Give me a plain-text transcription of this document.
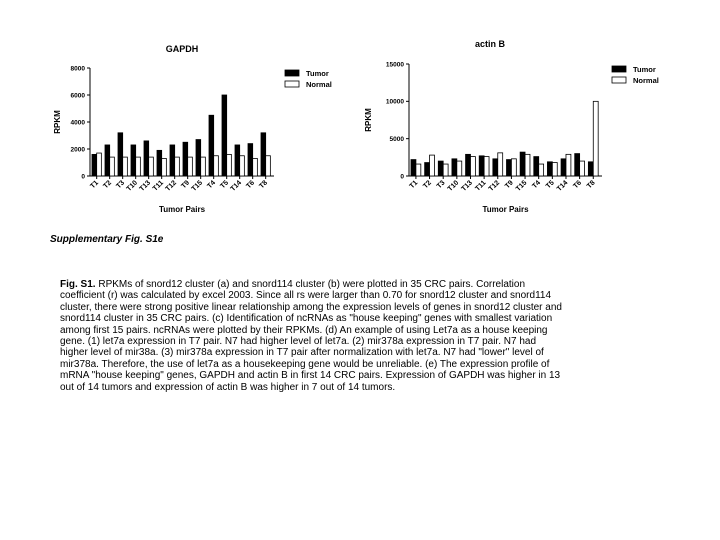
GAPDH
0
2000
4000
6000
8000
RPKM
T1 T2 T3 T10 T13 T11 T12 T9 T15 T4 T5 T14 T6 T8
Tumor Pairs
Tumor
Normal
actin B
0
5000
10000
15000
RPKM
T1 T2 T3 T10 T13 T11 T12 T9 T15 T4 T5 T14 T6 T8
Tumor Pairs
Tumor
Normal

Supplementary Fig. S1e

Fig. S1. RPKMs of snord12 cluster (a) and snord114 cluster (b) were plotted in 35 CRC pairs. Correlation
coefficient (r) was calculated by excel 2003. Since all rs were larger than 0.70 for snord12 cluster and snord114
cluster, there were strong positive linear relationship among the expression levels of genes in snord12 cluster and
snord114 cluster in 35 CRC pairs. (c) Identification of ncRNAs as "house keeping" genes with smallest variation
among first 15 pairs. ncRNAs were plotted by their RPKMs. (d) An example of using Let7a as a house keeping
gene. (1) let7a expression in T7 pair. N7 had higher level of let7a. (2) mir378a expression in T7 pair. N7 had
higher level of mir38a. (3) mir378a expression in T7 pair after normalization with let7a. N7 had "lower" level of
mir378a. Therefore, the use of let7a as a housekeeping gene would be unreliable. (e) The expression profile of
mRNA "house keeping" genes, GAPDH and actin B in first 14 CRC pairs. Expression of GAPDH was higher in 13
out of 14 tumors and expression of actin B was higher in 7 out of 14 tumors.
